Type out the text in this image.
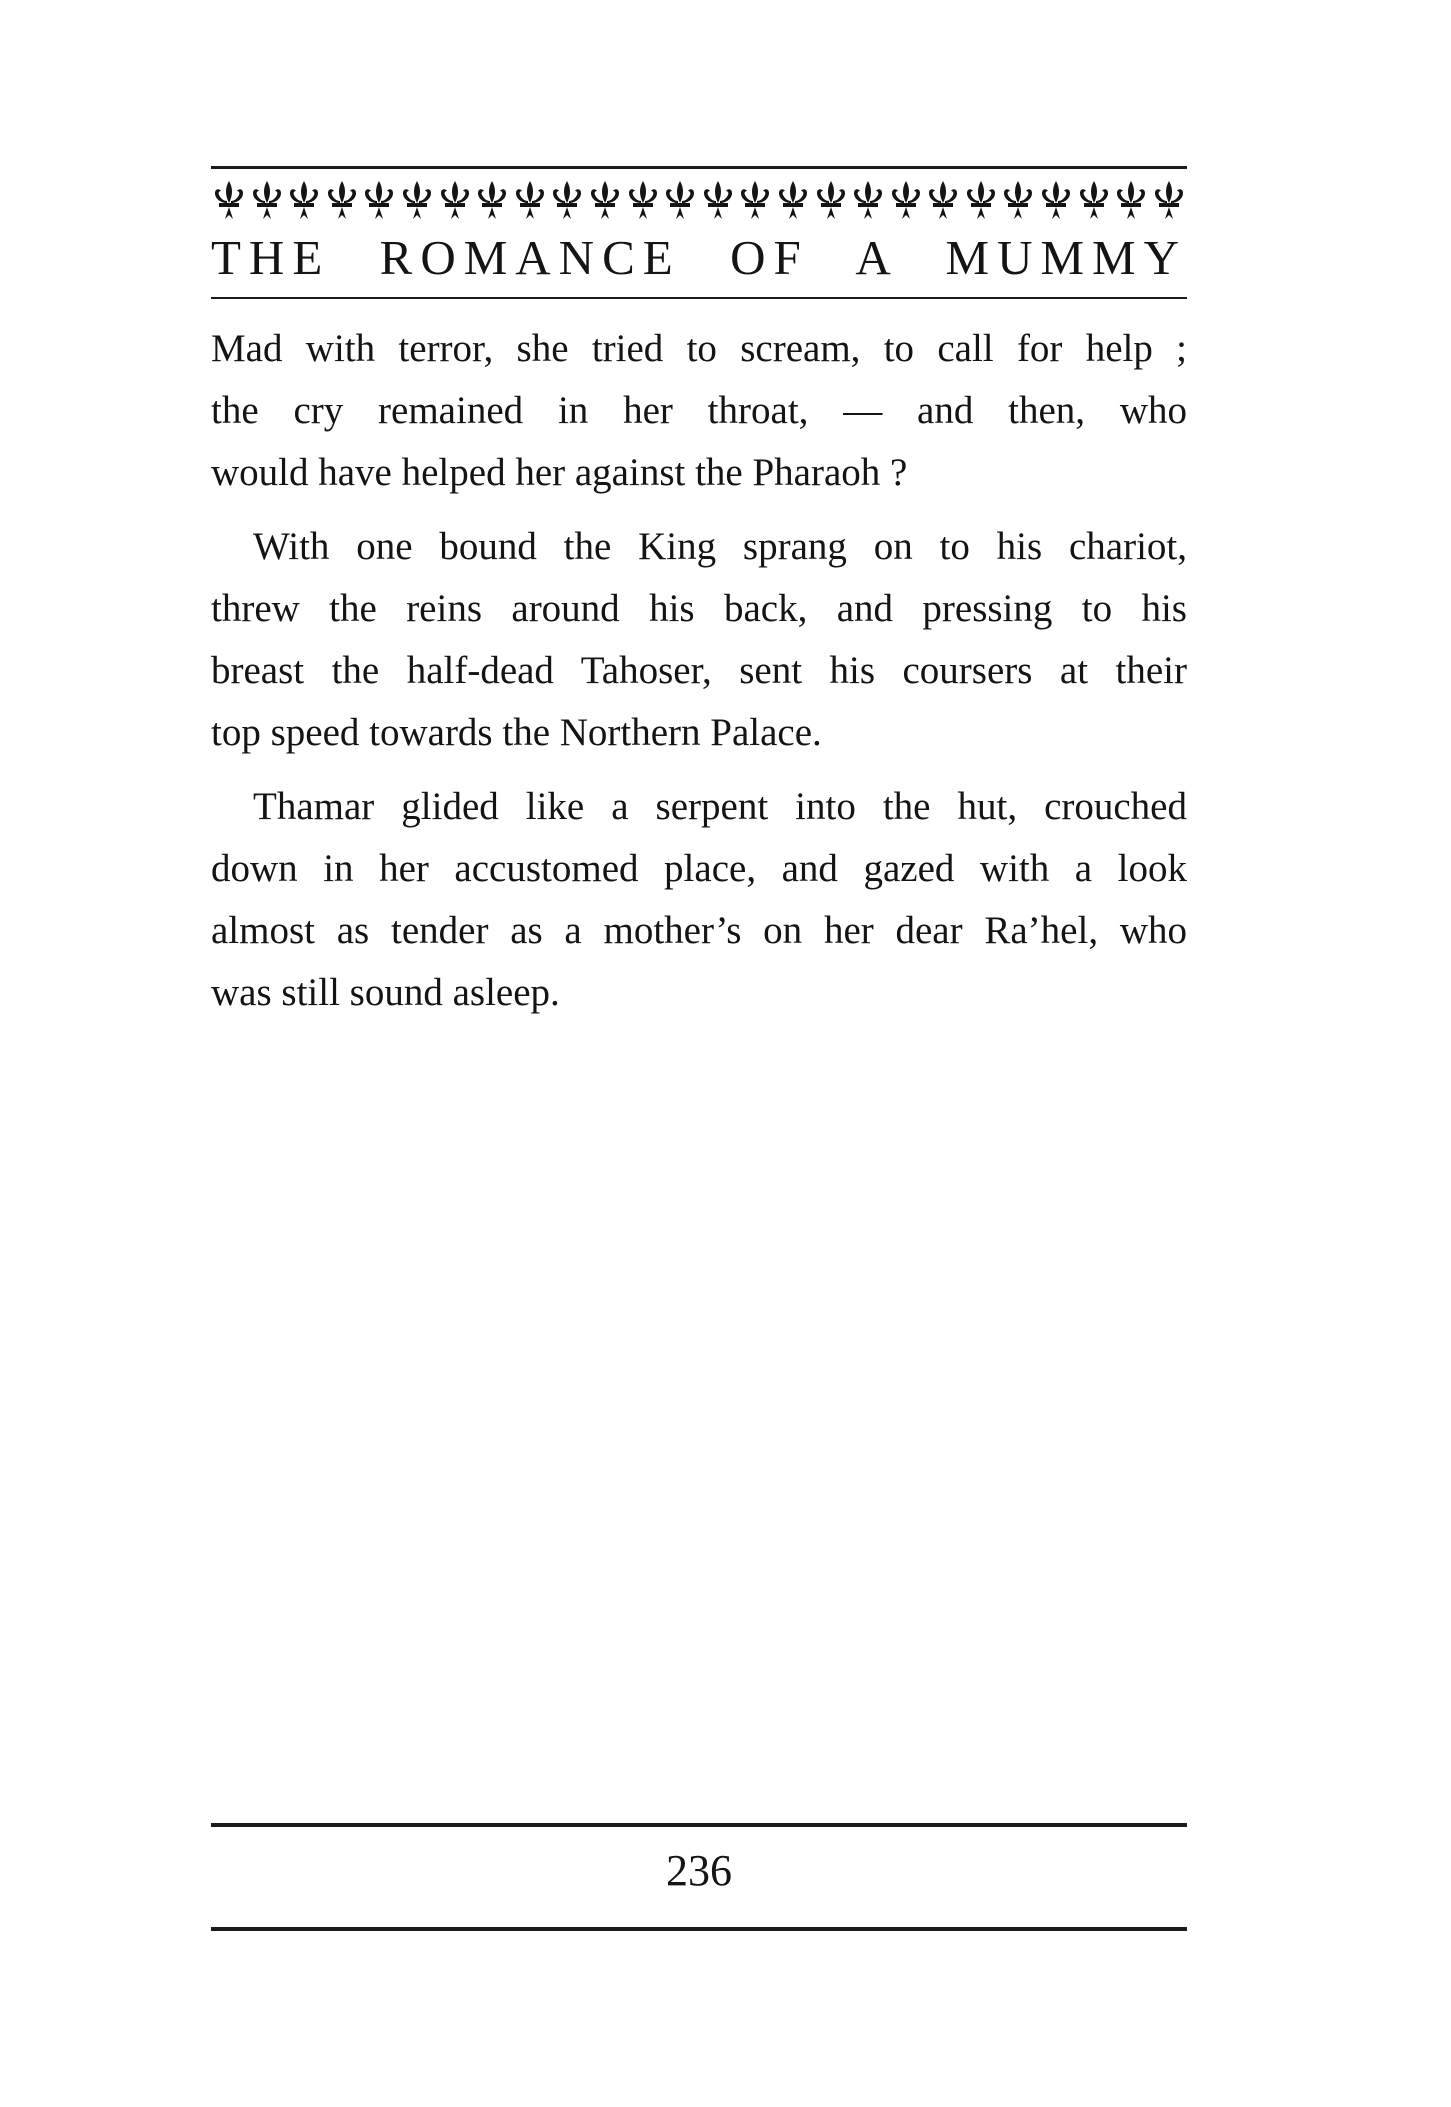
THE ROMANCE OF A MUMMY

Mad with terror, she tried to scream, to call for help ;
the cry remained in her throat, — and then, who
would have helped her against the Pharaoh ?

With one bound the King sprang on to his chariot,
threw the reins around his back, and pressing to his
breast the half-dead Tahoser, sent his coursers at their
top speed towards the Northern Palace.

Thamar glided like a serpent into the hut, crouched
down in her accustomed place, and gazed with a look
almost as tender as a mother’s on her dear Ra’hel, who
was still sound asleep.

236
